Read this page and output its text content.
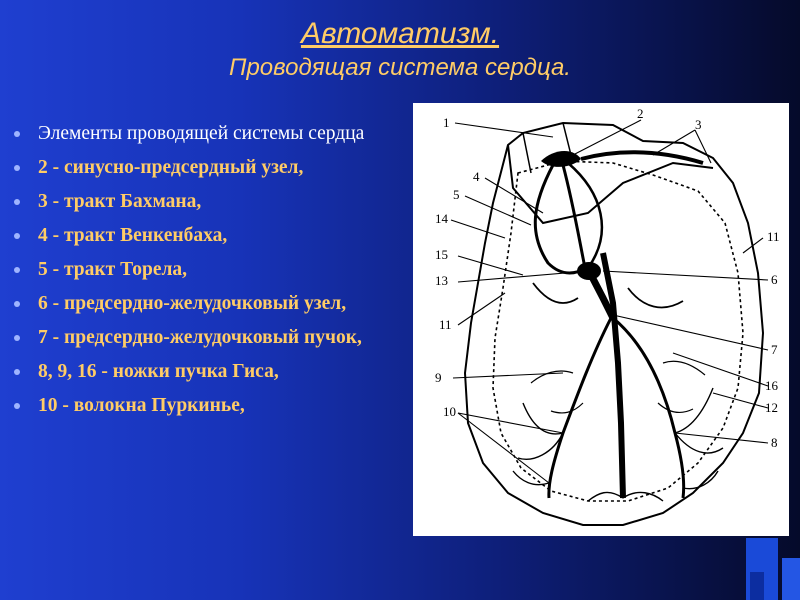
Автоматизм.
Проводящая система сердца.
Элементы проводящей системы сердца
2 - синусно-предсердный узел,
3 - тракт Бахмана,
4 - тракт Венкенбаха,
5 - тракт Торела,
6 - предсердно-желудочковый узел,
7 - предсердно-желудочковый пучок,
8, 9, 16 - ножки пучка Гиса,
10 - волокна Пуркинье,
1
2
3
4
5
14
15
13
11
9
10
11
6
7
16
12
8
